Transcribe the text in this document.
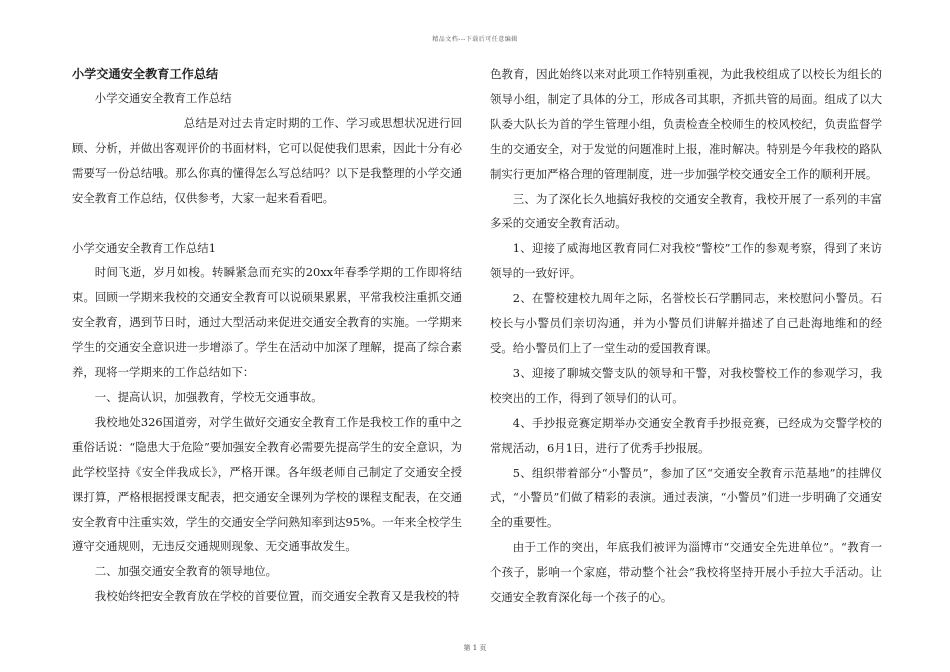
精品文档---下载后可任意编辑
小学交通安全教育工作总结

小学交通安全教育工作总结

总结是对过去肯定时期的工作、学习或思想状况进行回顾、分析，并做出客观评价的书面材料，它可以促使我们思索，因此十分有必需要写一份总结哦。那么你真的懂得怎么写总结吗？以下是我整理的小学交通安全教育工作总结，仅供参考，大家一起来看看吧。

小学交通安全教育工作总结1

时间飞逝，岁月如梭。转瞬紧急而充实的20xx年春季学期的工作即将结束。回顾一学期来我校的交通安全教育可以说硕果累累，平常我校注重抓交通安全教育，遇到节日时，通过大型活动来促进交通安全教育的实施。一学期来学生的交通安全意识进一步增添了。学生在活动中加深了理解，提高了综合素养，现将一学期来的工作总结如下：

一、提高认识，加强教育，学校无交通事故。

我校地处326国道旁，对学生做好交通安全教育工作是我校工作的重中之重俗话说：“隐患大于危险”要加强安全教育必需要先提高学生的安全意识，为此学校坚持《安全伴我成长》，严格开课。各年级老师自己制定了交通安全授课打算，严格根据授课支配表，把交通安全课列为学校的课程支配表，在交通安全教育中注重实效，学生的交通安全学问熟知率到达95%。一年来全校学生遵守交通规则，无违反交通规则现象、无交通事故发生。

二、加强交通安全教育的领导地位。

我校始终把安全教育放在学校的首要位置，而交通安全教育又是我校的特

色教育，因此始终以来对此项工作特别重视，为此我校组成了以校长为组长的领导小组，制定了具体的分工，形成各司其职，齐抓共管的局面。组成了以大队委大队长为首的学生管理小组，负责检查全校师生的校风校纪，负责监督学生的交通安全，对于发觉的问题准时上报，准时解决。特别是今年我校的路队制实行更加严格合理的管理制度，进一步加强学校交通安全工作的顺利开展。

三、为了深化长久地搞好我校的交通安全教育，我校开展了一系列的丰富多采的交通安全教育活动。

1、迎接了威海地区教育同仁对我校“警校”工作的参观考察，得到了来访领导的一致好评。

2、在警校建校九周年之际，名誉校长石学鹏同志，来校慰问小警员。石校长与小警员们亲切沟通，并为小警员们讲解并描述了自己赴海地维和的经受。给小警员们上了一堂生动的爱国教育课。

3、迎接了聊城交警支队的领导和干警，对我校警校工作的参观学习，我校突出的工作，得到了领导们的认可。

4、手抄报竞赛定期举办交通安全教育手抄报竞赛，已经成为交警学校的常规活动，6月1日，进行了优秀手抄报展。

5、组织带着部分“小警员”，参加了区“交通安全教育示范基地”的挂牌仪式，“小警员”们做了精彩的表演。通过表演，“小警员”们进一步明确了交通安全的重要性。

由于工作的突出，年底我们被评为淄博市“交通安全先进单位”。“教育一个孩子，影响一个家庭，带动整个社会”我校将坚持开展小手拉大手活动。让交通安全教育深化每一个孩子的心。

第 1 页
